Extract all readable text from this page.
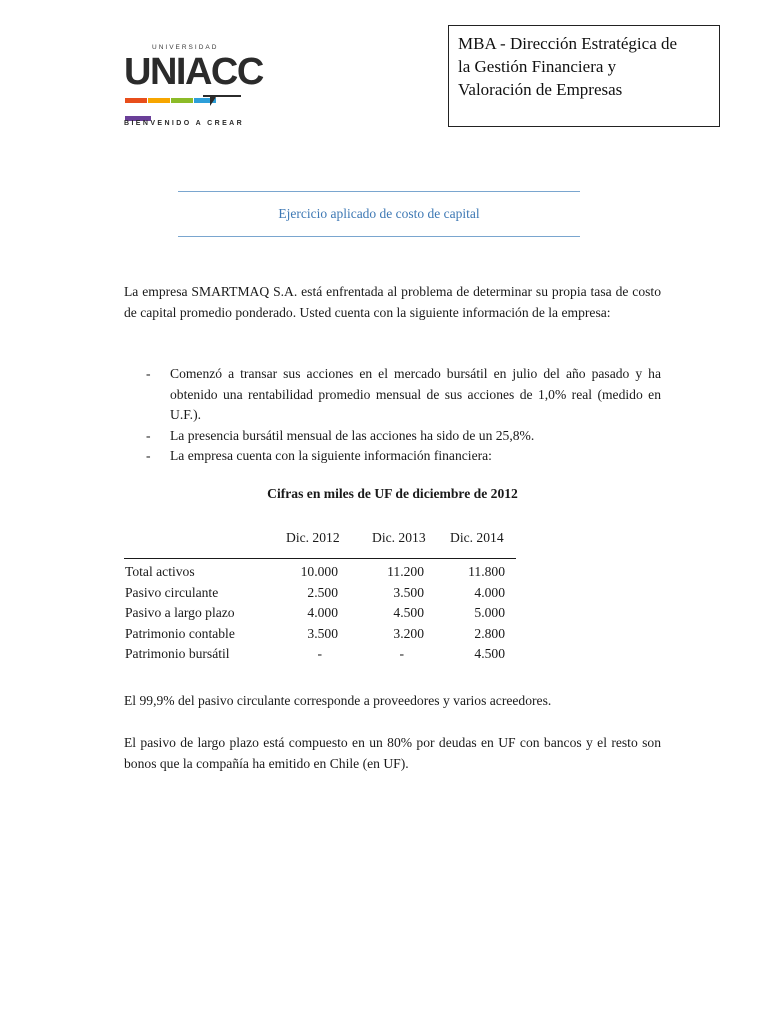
UNIVERSIDAD
UNIACC
BIENVENIDO A CREAR
MBA - Dirección Estratégica de
la Gestión Financiera y
Valoración de Empresas
Ejercicio aplicado de costo de capital
La empresa SMARTMAQ S.A. está enfrentada al problema de determinar su propia tasa de costo de capital promedio ponderado. Usted cuenta con la siguiente información de la empresa:
- Comenzó a transar sus acciones en el mercado bursátil en julio del año pasado y ha obtenido una rentabilidad promedio mensual de sus acciones de 1,0% real (medido en U.F.).
- La presencia bursátil mensual de las acciones ha sido de un 25,8%.
- La empresa cuenta con la siguiente información financiera:
Cifras en miles de UF de diciembre de 2012
Dic. 2012 Dic. 2013 Dic. 2014
Total activos	10.000	11.200	11.800
Pasivo circulante	2.500	3.500	4.000
Pasivo a largo plazo	4.000	4.500	5.000
Patrimonio contable	3.500	3.200	2.800
Patrimonio bursátil	-	-	4.500
El 99,9% del pasivo circulante corresponde a proveedores y varios acreedores.
El pasivo de largo plazo está compuesto en un 80% por deudas en UF con bancos y el resto son bonos que la compañía ha emitido en Chile (en UF).
